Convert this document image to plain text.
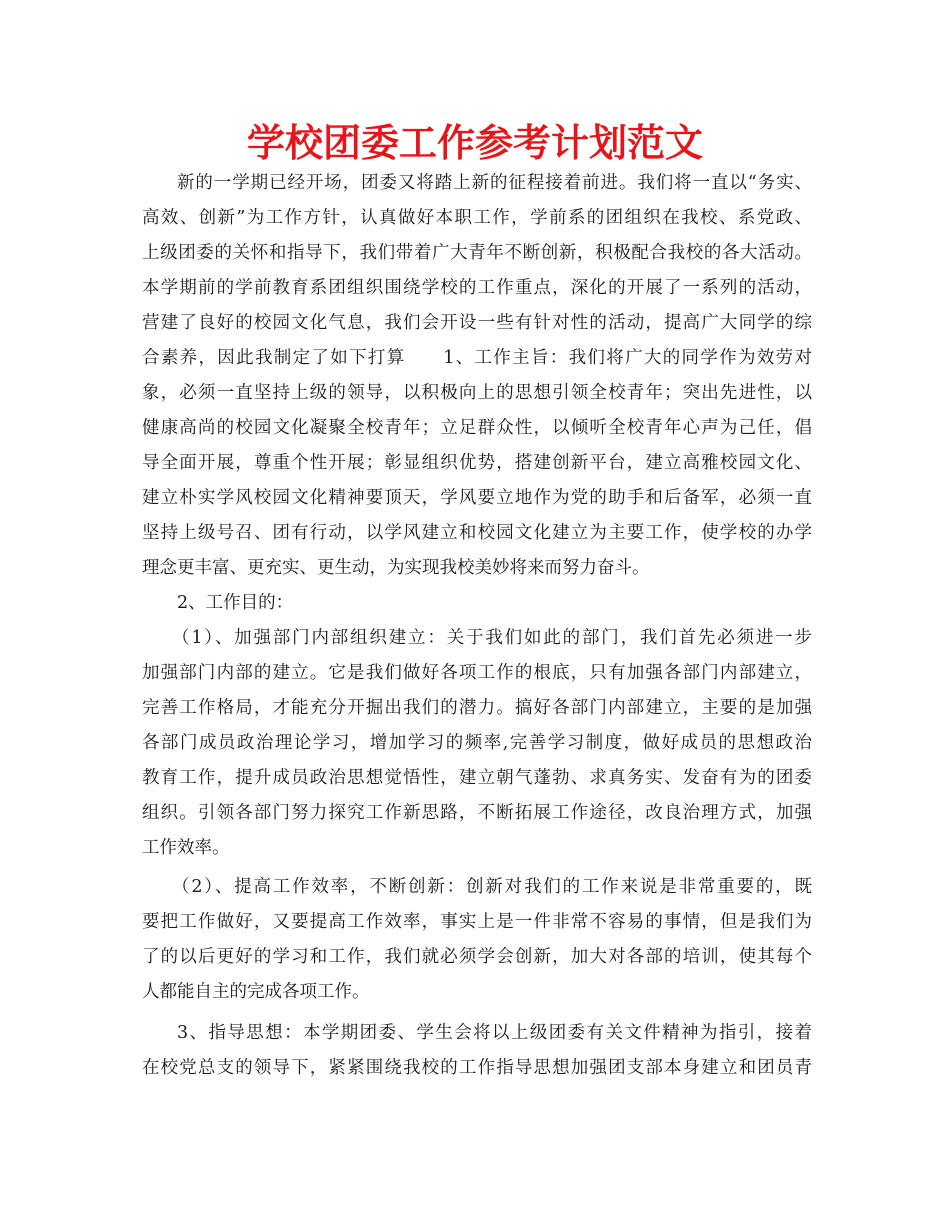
学校团委工作参考计划范文
新的一学期已经开场，团委又将踏上新的征程接着前进。我们将一直以“务实、
高效、创新”为工作方针，认真做好本职工作，学前系的团组织在我校、系党政、
上级团委的关怀和指导下，我们带着广大青年不断创新，积极配合我校的各大活动。
本学期前的学前教育系团组织围绕学校的工作重点，深化的开展了一系列的活动，
营建了良好的校园文化气息，我们会开设一些有针对性的活动，提高广大同学的综
合素养，因此我制定了如下打算　　1、工作主旨：我们将广大的同学作为效劳对
象，必须一直坚持上级的领导，以积极向上的思想引领全校青年；突出先进性，以
健康高尚的校园文化凝聚全校青年；立足群众性，以倾听全校青年心声为己任，倡
导全面开展，尊重个性开展；彰显组织优势，搭建创新平台，建立高雅校园文化、
建立朴实学风校园文化精神要顶天，学风要立地作为党的助手和后备军，必须一直
坚持上级号召、团有行动，以学风建立和校园文化建立为主要工作，使学校的办学
理念更丰富、更充实、更生动，为实现我校美妙将来而努力奋斗。
2、工作目的：
（1）、加强部门内部组织建立：关于我们如此的部门，我们首先必须进一步
加强部门内部的建立。它是我们做好各项工作的根底，只有加强各部门内部建立，
完善工作格局，才能充分开掘出我们的潜力。搞好各部门内部建立，主要的是加强
各部门成员政治理论学习，增加学习的频率,完善学习制度，做好成员的思想政治
教育工作，提升成员政治思想觉悟性，建立朝气蓬勃、求真务实、发奋有为的团委
组织。引领各部门努力探究工作新思路，不断拓展工作途径，改良治理方式，加强
工作效率。
（2）、提高工作效率，不断创新：创新对我们的工作来说是非常重要的，既
要把工作做好，又要提高工作效率，事实上是一件非常不容易的事情，但是我们为
了的以后更好的学习和工作，我们就必须学会创新，加大对各部的培训，使其每个
人都能自主的完成各项工作。
3、指导思想：本学期团委、学生会将以上级团委有关文件精神为指引，接着
在校党总支的领导下，紧紧围绕我校的工作指导思想加强团支部本身建立和团员青
